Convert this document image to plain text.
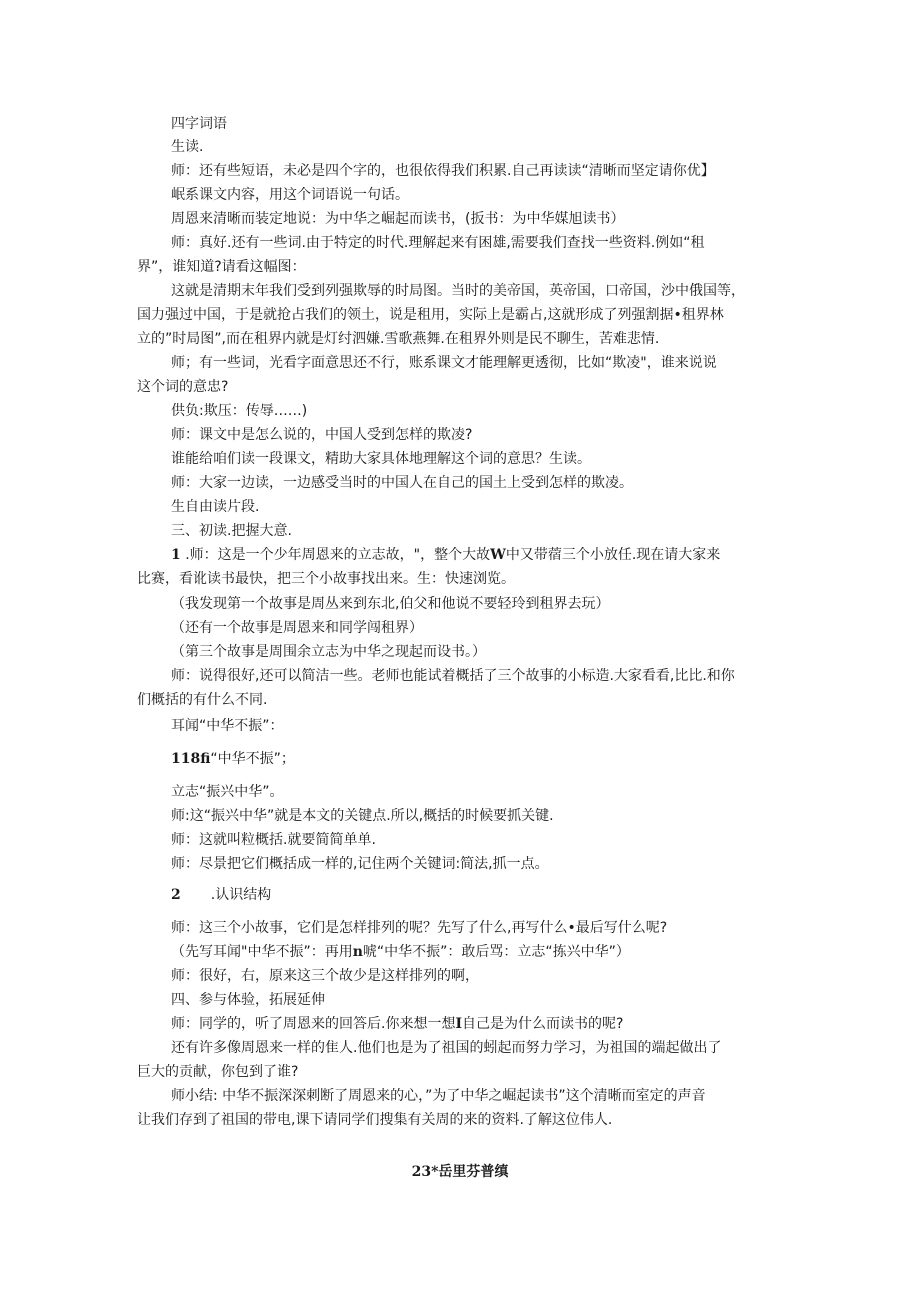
四字词语
生读.
师：还有些短语，未必是四个字的，也很依得我们积累.自己再读读“清晰而坚定请你优】
岷系课文内容，用这个词语说一句话。
周恩来清晰而装定地说：为中华之崛起而读书，(扳书：为中华媒旭读书）
师：真好.还有一些词.由于特定的时代.理解起来有困雄,需要我们查找一些资料.例如“租
界”，谁知道?请看这幅图：
这就是清期末年我们受到列强欺辱的时局图。当时的美帝国，英帝国，口帝国，沙中俄国等，
国力强过中国，于是就抢占我们的领土，说是租用，实际上是霸占,这就形成了列强割据•租界林
立的”时局图”,而在租界内就是灯纣泗嫌.雪歌燕舞.在租界外则是民不聊生，苦难悲情.
师；有一些词，光看字面意思还不行，账系课文才能理解更透彻，比如“欺凌"，谁来说说
这个词的意忠?
供负:欺压：传辱……)
师：课文中是怎么说的，中国人受到怎样的欺凌?
谁能给咱们读一段课文，精助大家具体地理解这个词的意思？生读。
师：大家一边读，一边感受当时的中国人在自己的国土上受到怎样的欺凌。
生自由读片段.
三、初读.把握大意.
1 .师：这是一个少年周恩来的立志故，"，整个大故W中又带蓿三个小放任.现在请大家来
比赛，看讹读书最快，把三个小故事找出来。生：快速浏览。
（我发现第一个故事是周丛来到东北,伯父和他说不要轻玲到租界去玩）
（还有一个故事是周恩来和同学闯租界）
（第三个故事是周围余立志为中华之现起而设书。）
师：说得很好,还可以简洁一些。老师也能试着概括了三个故事的小标造.大家看看,比比.和你
们概括的有什么不同.
耳闻“中华不振”：
118fi“中华不振”；
立志“振兴中华”。
师:这“振兴中华”就是本文的关键点.所以,概括的时候要抓关键.
师：这就叫粒概括.就要简简单单.
师：尽景把它们概括成一样的,记住两个关键词:简法,抓一点。
2 .认识结构
师：这三个小故事，它们是怎样排列的呢？先写了什么,再写什么•最后写什么呢?
（先写耳闻"中华不振”：再用n唬“中华不振”：敢后骂：立志“拣兴中华”）
师：很好，右，原来这三个故少是这样排列的啊，
四、参与体验，拓展延伸
师：同学的，听了周恩来的回答后.你来想一想I自己是为什么而读书的呢?
还有许多像周恩来一样的隹人.他们也是为了祖国的蚓起而努力学习，为祖国的端起做出了
巨大的贡献，你包到了谁?
师小结: 中华不振深深刺断了周恩来的心，”为了中华之崛起读书”这个清晰而室定的声音
让我们存到了祖国的带电,课下请同学们搜集有关周的来的资料.了解这位伟人.
23*岳里芬普缜
